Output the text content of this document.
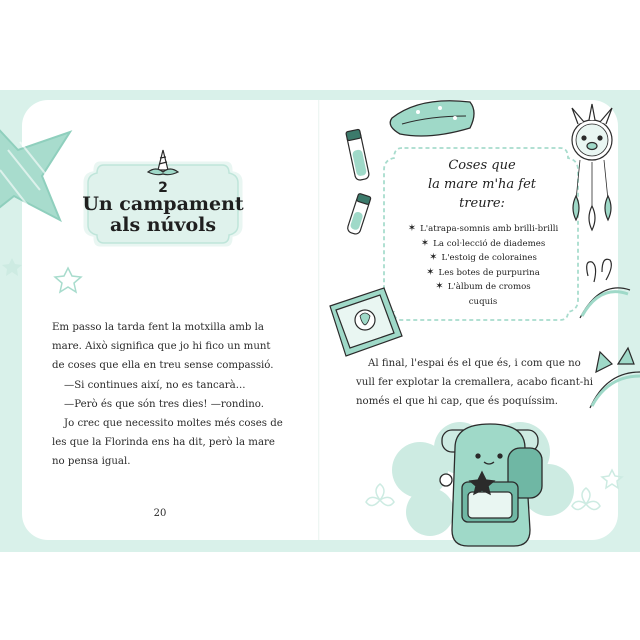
2
Un campament
als núvols

Em passo la tarda fent la motxilla amb la mare. Això significa que jo hi fico un munt de coses que ella en treu sense compassió.

—Si continues així, no es tancarà...

—Però és que són tres dies! —rondino.

Jo crec que necessito moltes més coses de les que la Florinda ens ha dit, però la mare no pensa igual.

20
Coses que
la mare m'ha fet
treure:
✶ L'atrapa-somnis amb brilli-brilli
✶ La col·lecció de diademes
✶ L'estoig de coloraines
✶ Les botes de purpurina
✶ L'àlbum de cromos
cuquis

Al final, l'espai és el que és, i com que no vull fer explotar la cremallera, acabo ficant-hi només el que hi cap, que és poquíssim.
